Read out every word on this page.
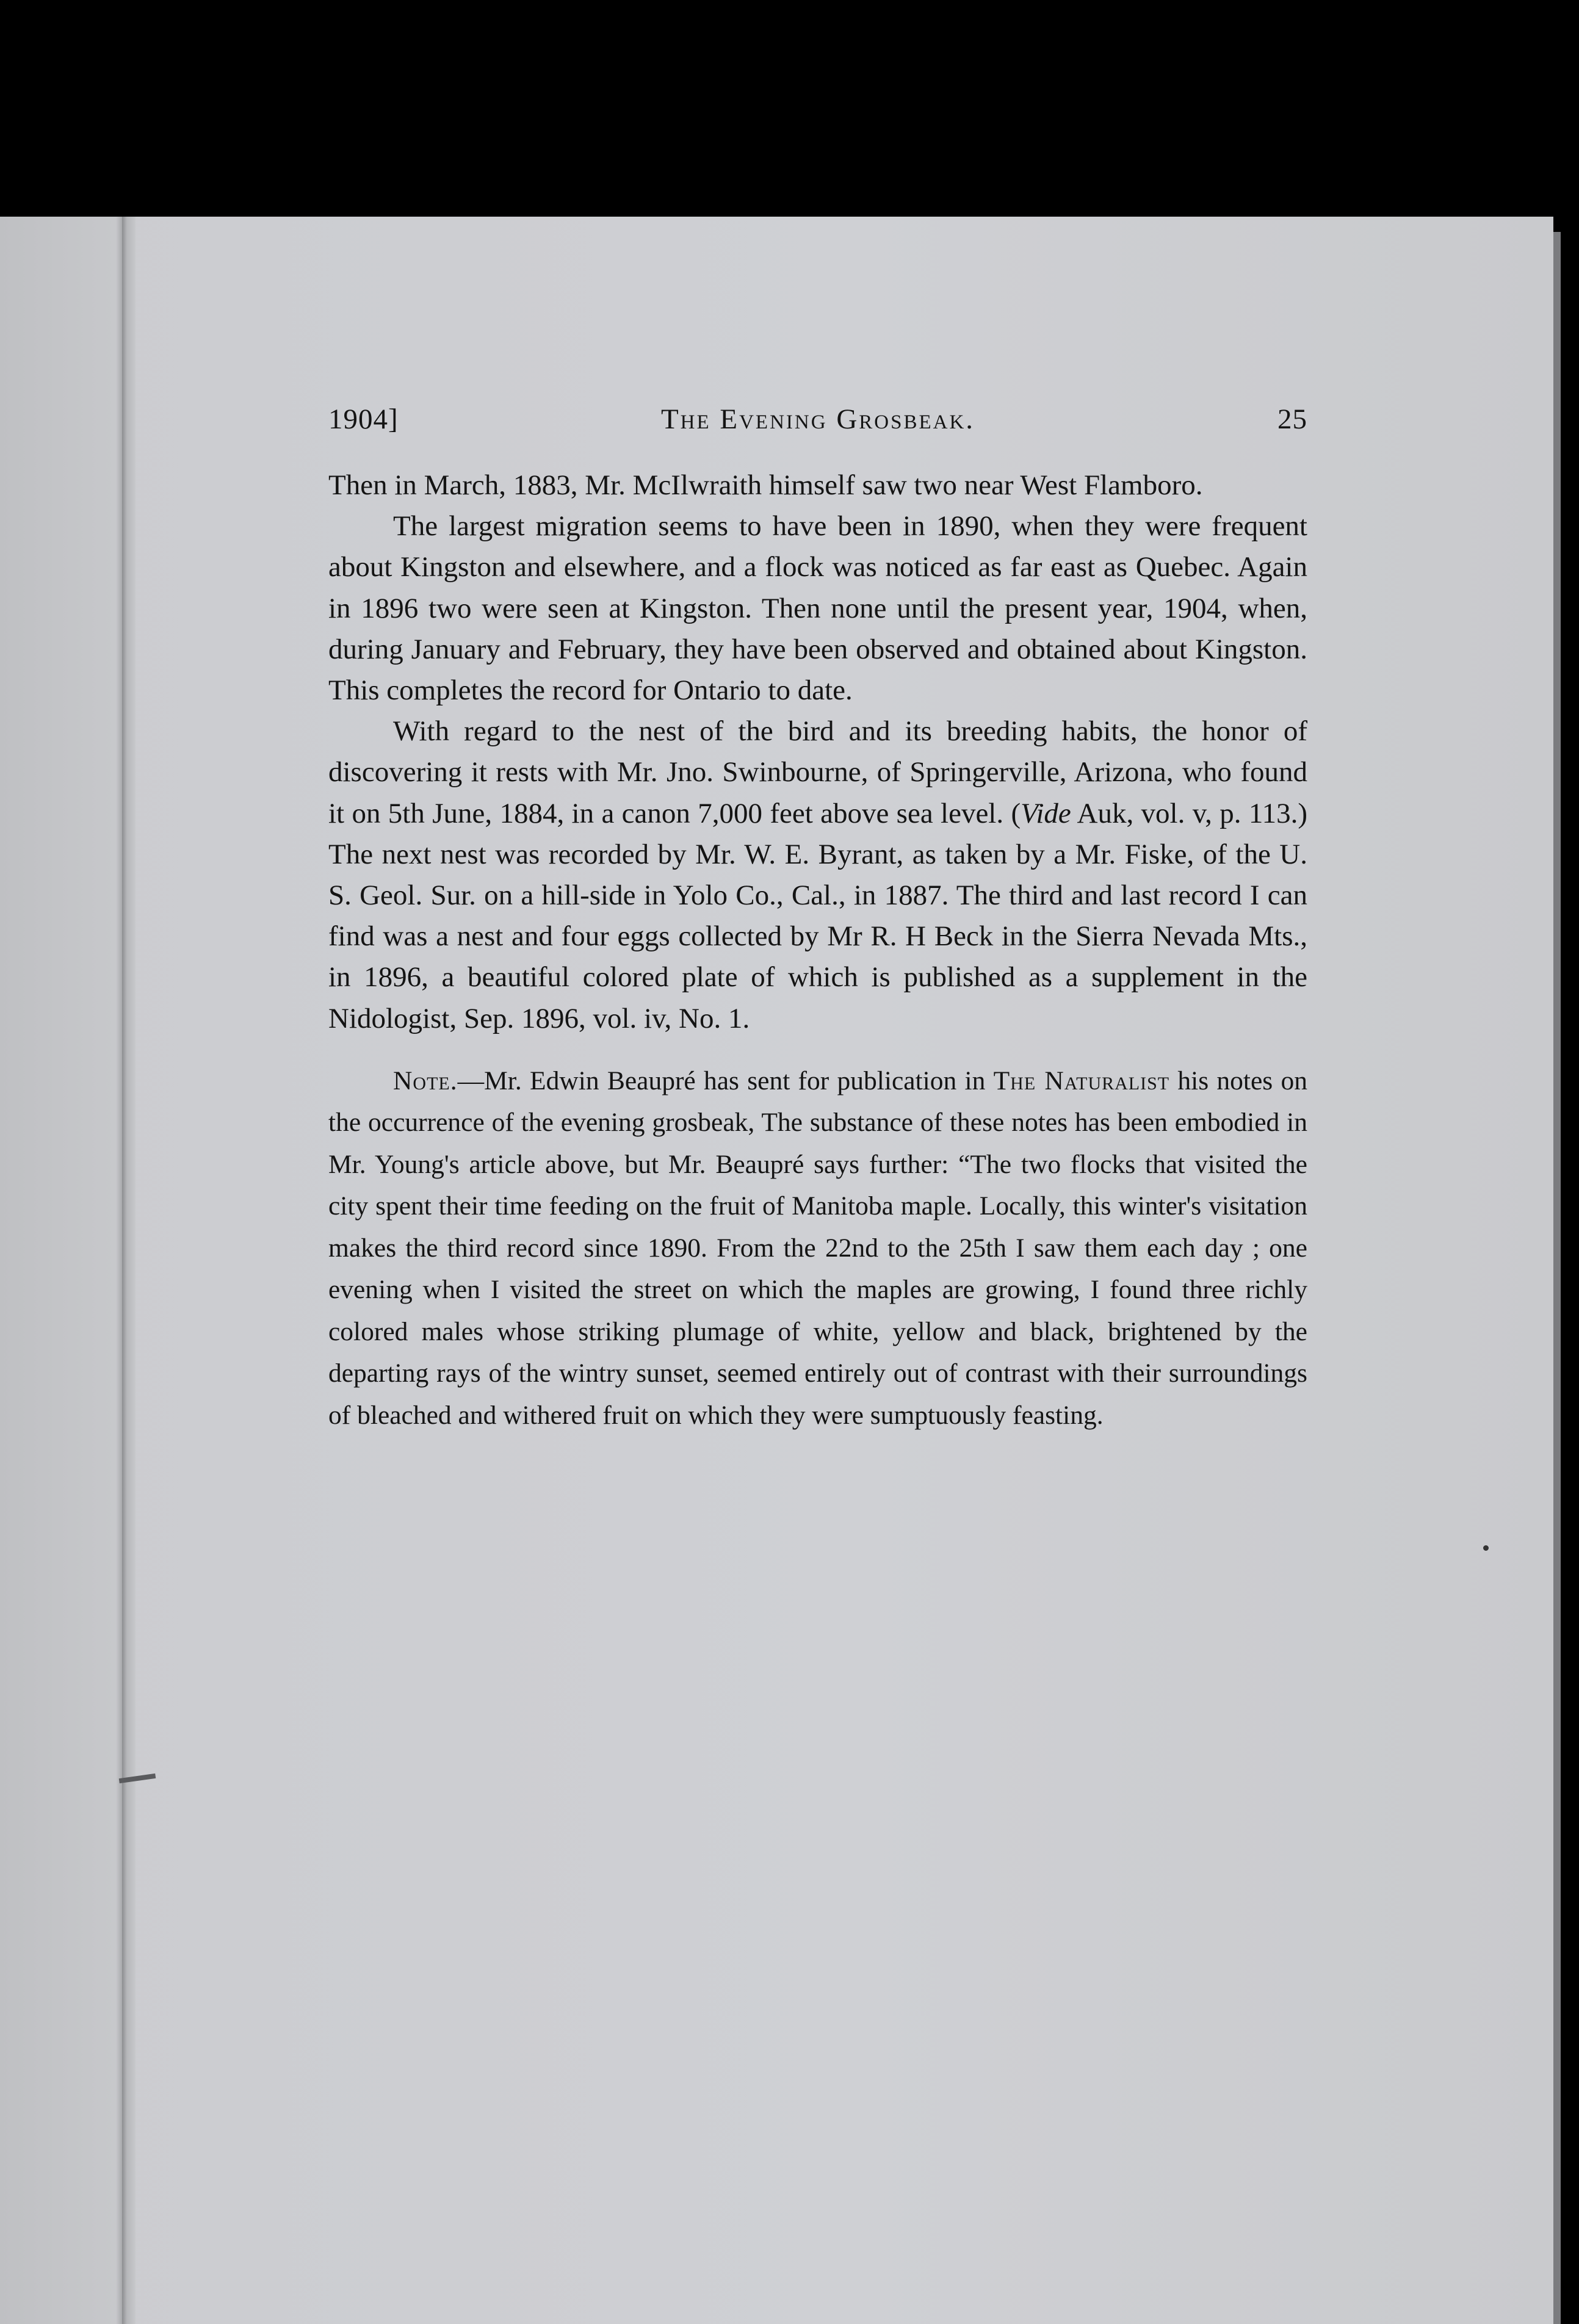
1904]	The Evening Grosbeak.	25

Then in March, 1883, Mr. McIlwraith himself saw two near West Flamboro.

The largest migration seems to have been in 1890, when they were frequent about Kingston and elsewhere, and a flock was noticed as far east as Quebec. Again in 1896 two were seen at Kingston. Then none until the present year, 1904, when, during January and February, they have been observed and obtained about Kingston. This completes the record for Ontario to date.

With regard to the nest of the bird and its breeding habits, the honor of discovering it rests with Mr. Jno. Swinbourne, of Springerville, Arizona, who found it on 5th June, 1884, in a canon 7,000 feet above sea level. (Vide Auk, vol. v, p. 113.) The next nest was recorded by Mr. W. E. Byrant, as taken by a Mr. Fiske, of the U. S. Geol. Sur. on a hill-side in Yolo Co., Cal., in 1887. The third and last record I can find was a nest and four eggs collected by Mr R. H Beck in the Sierra Nevada Mts., in 1896, a beautiful colored plate of which is published as a supplement in the Nidologist, Sep. 1896, vol. iv, No. 1.

Note.—Mr. Edwin Beaupré has sent for publication in The Naturalist his notes on the occurrence of the evening grosbeak, The substance of these notes has been embodied in Mr. Young's article above, but Mr. Beaupré says further: “The two flocks that visited the city spent their time feeding on the fruit of Manitoba maple. Locally, this winter's visitation makes the third record since 1890. From the 22nd to the 25th I saw them each day ; one evening when I visited the street on which the maples are growing, I found three richly colored males whose striking plumage of white, yellow and black, brightened by the departing rays of the wintry sunset, seemed entirely out of contrast with their surroundings of bleached and withered fruit on which they were sumptuously feasting.
